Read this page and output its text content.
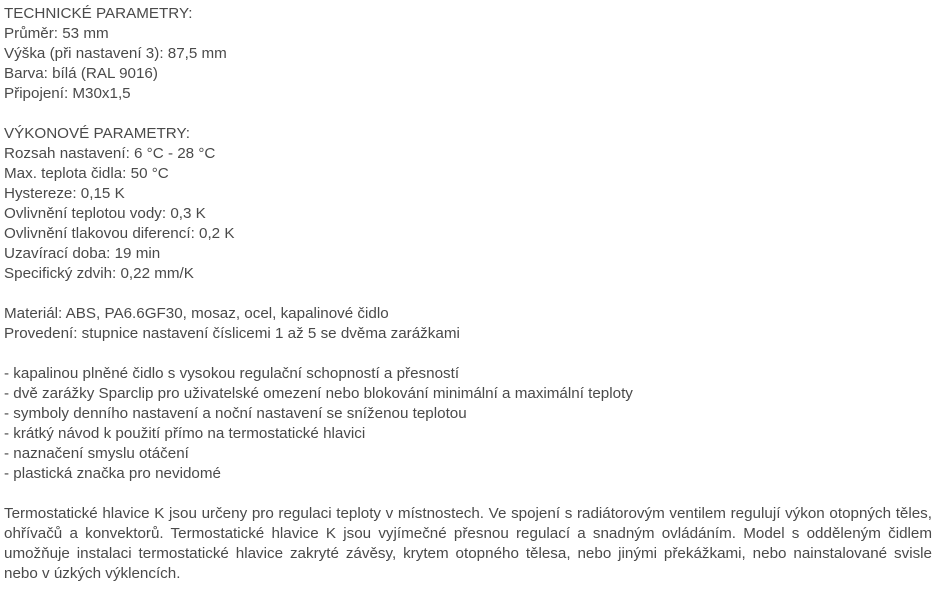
TECHNICKÉ PARAMETRY:
Průměr: 53 mm
Výška (při nastavení 3): 87,5 mm
Barva: bílá (RAL 9016)
Připojení: M30x1,5
VÝKONOVÉ PARAMETRY:
Rozsah nastavení: 6 °C - 28 °C
Max. teplota čidla: 50 °C
Hystereze: 0,15 K
Ovlivnění teplotou vody: 0,3 K
Ovlivnění tlakovou diferencí: 0,2 K
Uzavírací doba: 19 min
Specifický zdvih: 0,22 mm/K
Materiál: ABS, PA6.6GF30, mosaz, ocel, kapalinové čidlo
Provedení: stupnice nastavení číslicemi 1 až 5 se dvěma zarážkami
- kapalinou plněné čidlo s vysokou regulační schopností a přesností
- dvě zarážky Sparclip pro uživatelské omezení nebo blokování minimální a maximální teploty
- symboly denního nastavení a noční nastavení se sníženou teplotou
- krátký návod k použití přímo na termostatické hlavici
- naznačení smyslu otáčení
- plastická značka pro nevidomé
Termostatické hlavice K jsou určeny pro regulaci teploty v místnostech. Ve spojení s radiátorovým ventilem regulují výkon otopných těles, ohřívačů a konvektorů. Termostatické hlavice K jsou vyjímečné přesnou regulací a snadným ovládáním. Model s odděleným čidlem umožňuje instalaci termostatické hlavice zakryté závěsy, krytem otopného tělesa, nebo jinými překážkami, nebo nainstalované svisle nebo v úzkých výklencích.
